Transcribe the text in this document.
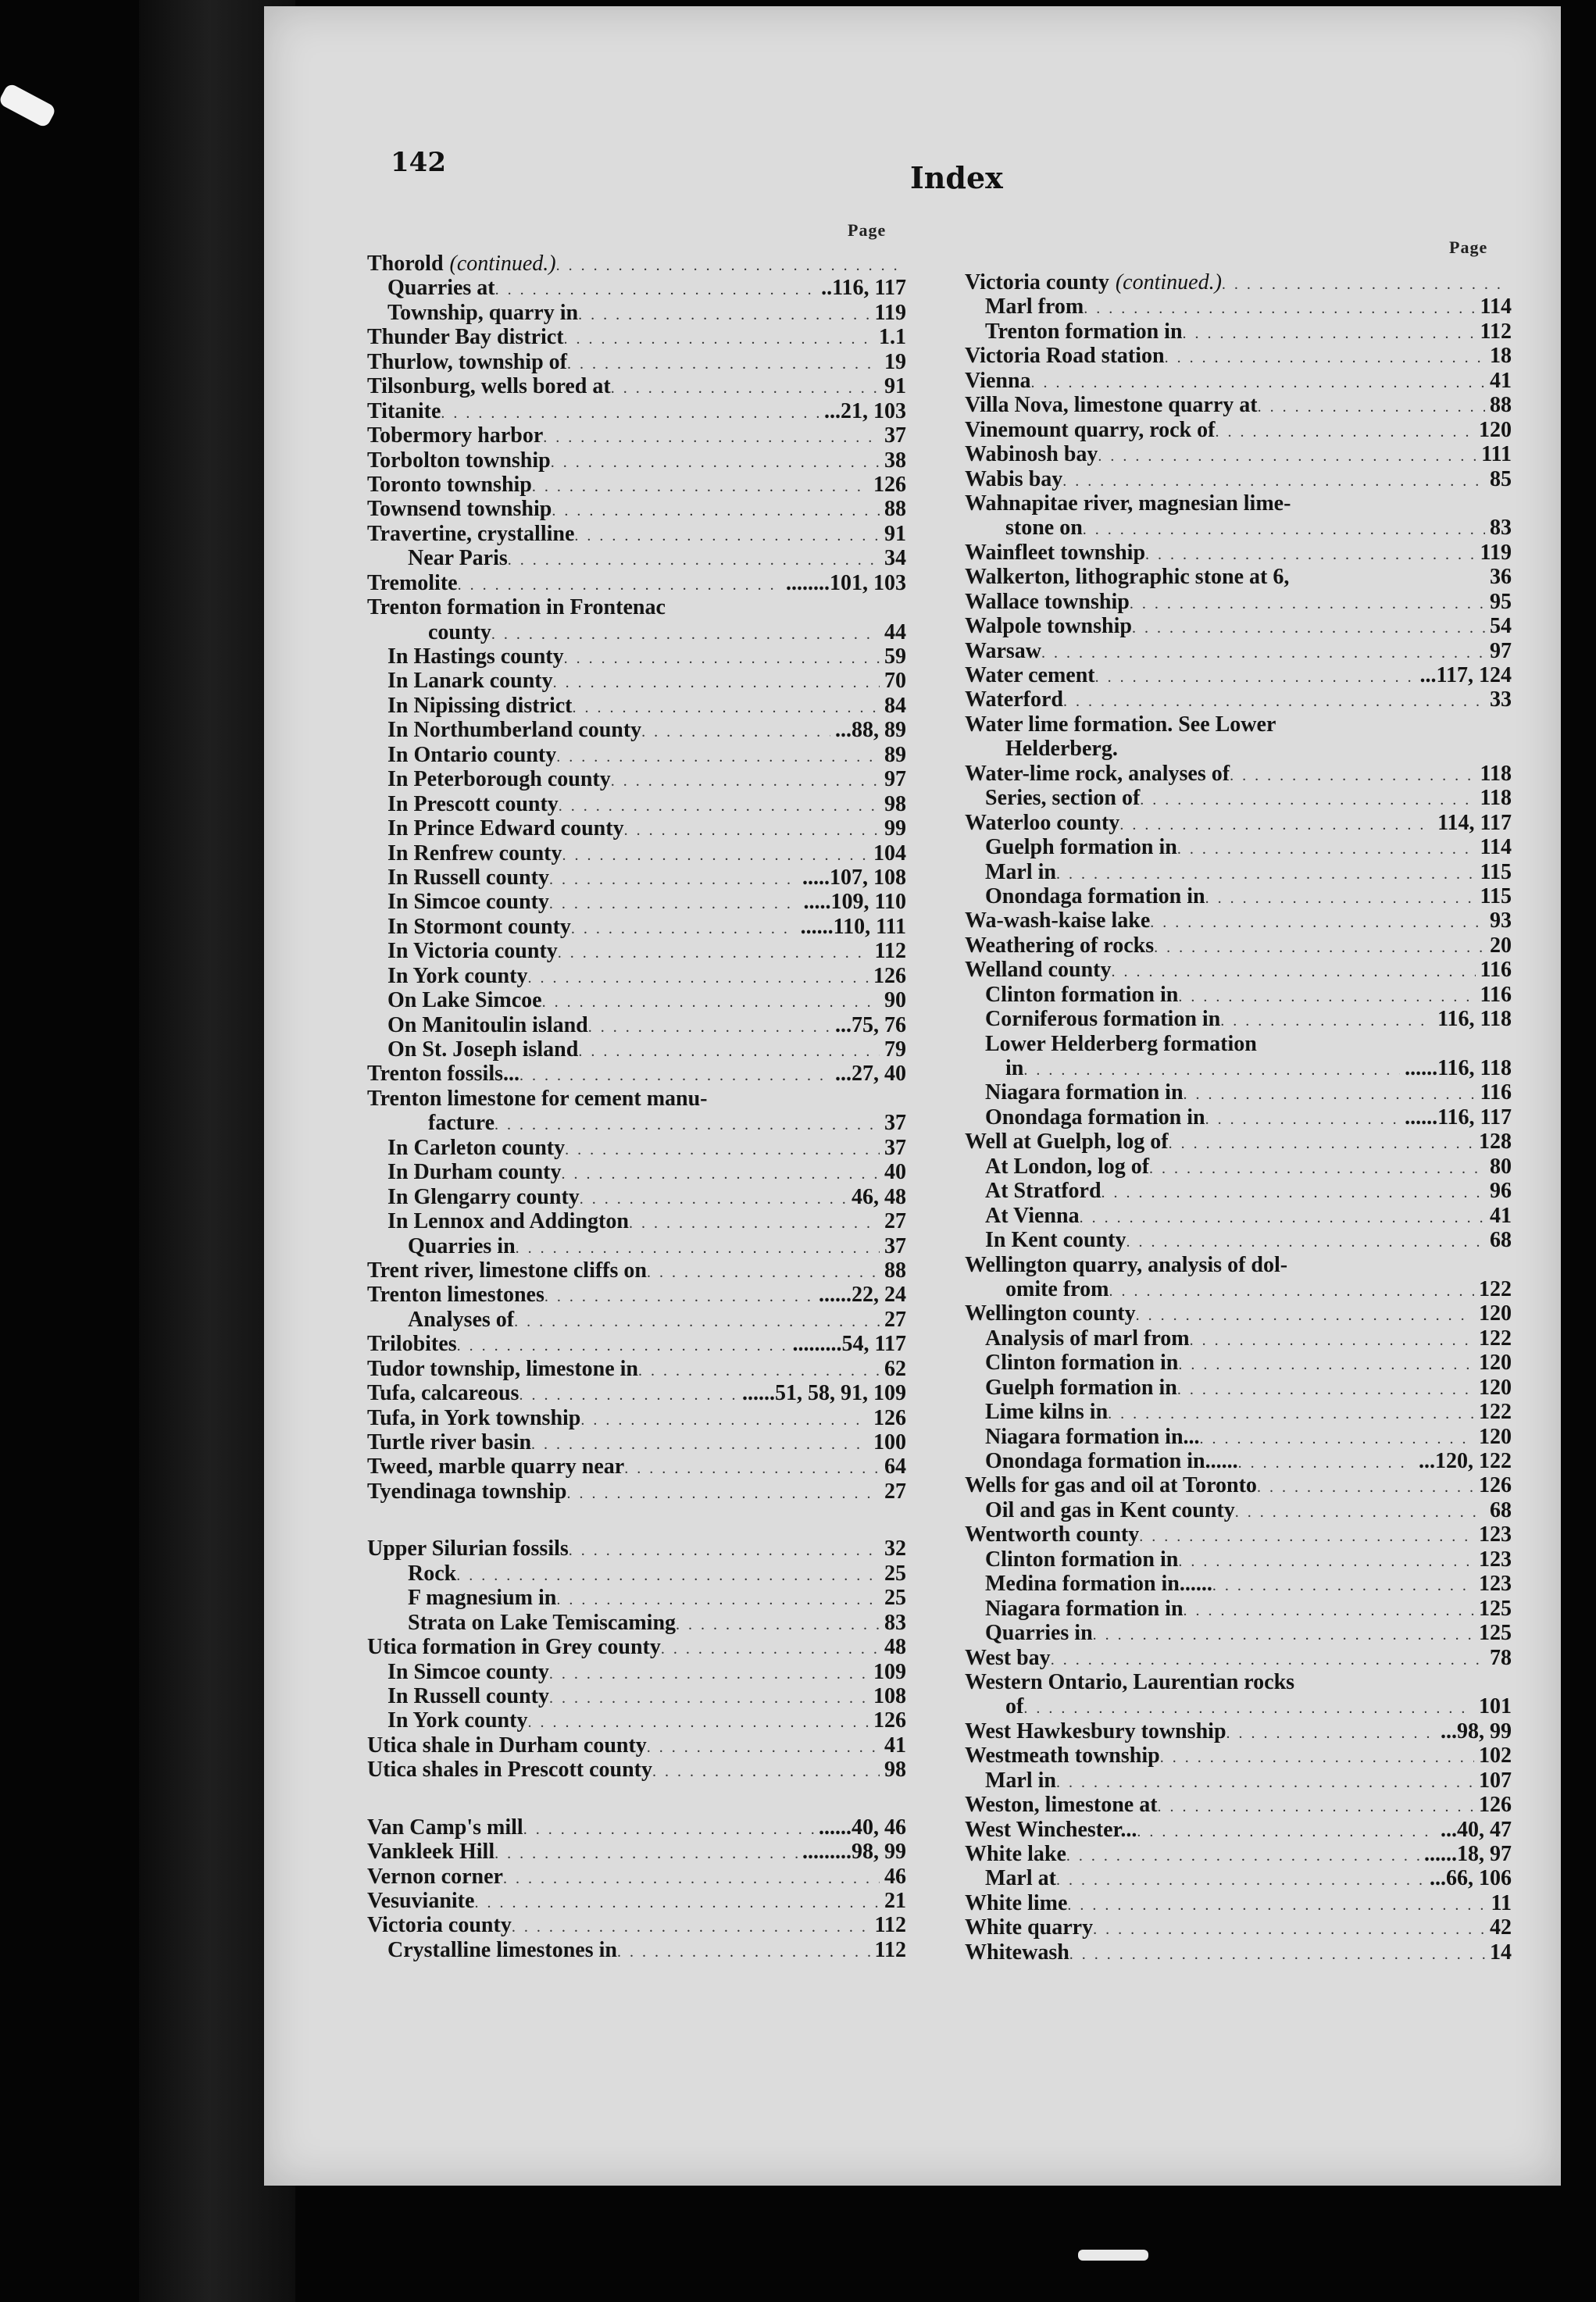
142	Index
Page
Page
Thorold (continued.)
. . .
Quarries at . . .	..116, 117
Township, quarry in . . .	119
Thunder Bay district . . .	1.1
Thurlow, township of . . .	19
Tilsonburg, wells bored at . . .	91
Titanite . . .	...21, 103
Tobermory harbor . . .	37
Torbolton township . . .	38
Toronto township . . .	126
Townsend township . . .	88
Travertine, crystalline . . .	91
Near Paris . . .	34
Tremolite . . .	........101, 103
Trenton formation in Frontenac
county . . .	44
In Hastings county . . .	59
In Lanark county . . .	70
In Nipissing district . . .	84
In Northumberland county . . .	...88, 89
In Ontario county . . .	89
In Peterborough county . . .	97
In Prescott county . . .	98
In Prince Edward county . . .	99
In Renfrew county . . .	104
In Russell county . . .	.....107, 108
In Simcoe county . . .	.....109, 110
In Stormont county . . .	......110, 111
In Victoria county . . .	112
In York county . . .	126
On Lake Simcoe . . .	90
On Manitoulin island . . .	...75, 76
On St. Joseph island . . .	79
Trenton fossils... . . .	...27, 40
Trenton limestone for cement manu-
facture . . .	37
In Carleton county . . .	37
In Durham county . . .	40
In Glengarry county . . .	46, 48
In Lennox and Addington . . .	27
Quarries in . . .	37
Trent river, limestone cliffs on . . .	88
Trenton limestones . . .	......22, 24
Analyses of . . .	27
Trilobites . . .	.........54, 117
Tudor township, limestone in . . .	62
Tufa, calcareous . . .	......51, 58, 91, 109
Tufa, in York township . . .	126
Turtle river basin . . .	100
Tweed, marble quarry near . . .	64
Tyendinaga township . . .	27
Upper Silurian fossils . . .	32
Rock . . .	25
F magnesium in . . .	25
Strata on Lake Temiscaming . . .	83
Utica formation in Grey county . . .	48
In Simcoe county . . .	109
In Russell county . . .	108
In York county . . .	126
Utica shale in Durham county . . .	41
Utica shales in Prescott county . . .	98
Van Camp's mill . . .	......40, 46
Vankleek Hill . . .	.........98, 99
Vernon corner . . .	46
Vesuvianite . . .	21
Victoria county . . .	112
Crystalline limestones in . . .	112
Victoria county (continued.)
. . .
Marl from . . .	114
Trenton formation in . . .	112
Victoria Road station . . .	18
Vienna . . .	41
Villa Nova, limestone quarry at . . .	88
Vinemount quarry, rock of . . .	120
Wabinosh bay . . .	111
Wabis bay . . .	85
Wahnapitae river, magnesian lime-
stone on . . .	83
Wainfleet township . . .	119
Walkerton, lithographic stone at 6,	36
Wallace township . . .	95
Walpole township . . .	54
Warsaw . . .	97
Water cement . . .	...117, 124
Waterford . . .	33
Water lime formation. See Lower
Helderberg.
Water-lime rock, analyses of . . .	118
Series, section of . . .	118
Waterloo county . . .	114, 117
Guelph formation in . . .	114
Marl in . . .	115
Onondaga formation in . . .	115
Wa-wash-kaise lake . . .	93
Weathering of rocks . . .	20
Welland county . . .	116
Clinton formation in . . .	116
Corniferous formation in . . .	116, 118
Lower Helderberg formation
in . . .	......116, 118
Niagara formation in . . .	116
Onondaga formation in . . .	......116, 117
Well at Guelph, log of . . .	128
At London, log of . . .	80
At Stratford . . .	96
At Vienna . . .	41
In Kent county . . .	68
Wellington quarry, analysis of dol-
omite from . . .	122
Wellington county . . .	120
Analysis of marl from . . .	122
Clinton formation in . . .	120
Guelph formation in . . .	120
Lime kilns in . . .	122
Niagara formation in... . . .	120
Onondaga formation in...... . . .	...120, 122
Wells for gas and oil at Toronto . . .	126
Oil and gas in Kent county . . .	68
Wentworth county . . .	123
Clinton formation in . . .	123
Medina formation in...... . . .	123
Niagara formation in . . .	125
Quarries in . . .	125
West bay . . .	78
Western Ontario, Laurentian rocks
of . . .	101
West Hawkesbury township . . .	...98, 99
Westmeath township . . .	102
Marl in . . .	107
Weston, limestone at . . .	126
West Winchester... . . .	...40, 47
White lake . . .	......18, 97
Marl at . . .	...66, 106
White lime . . .	11
White quarry . . .	42
Whitewash . . .	14
